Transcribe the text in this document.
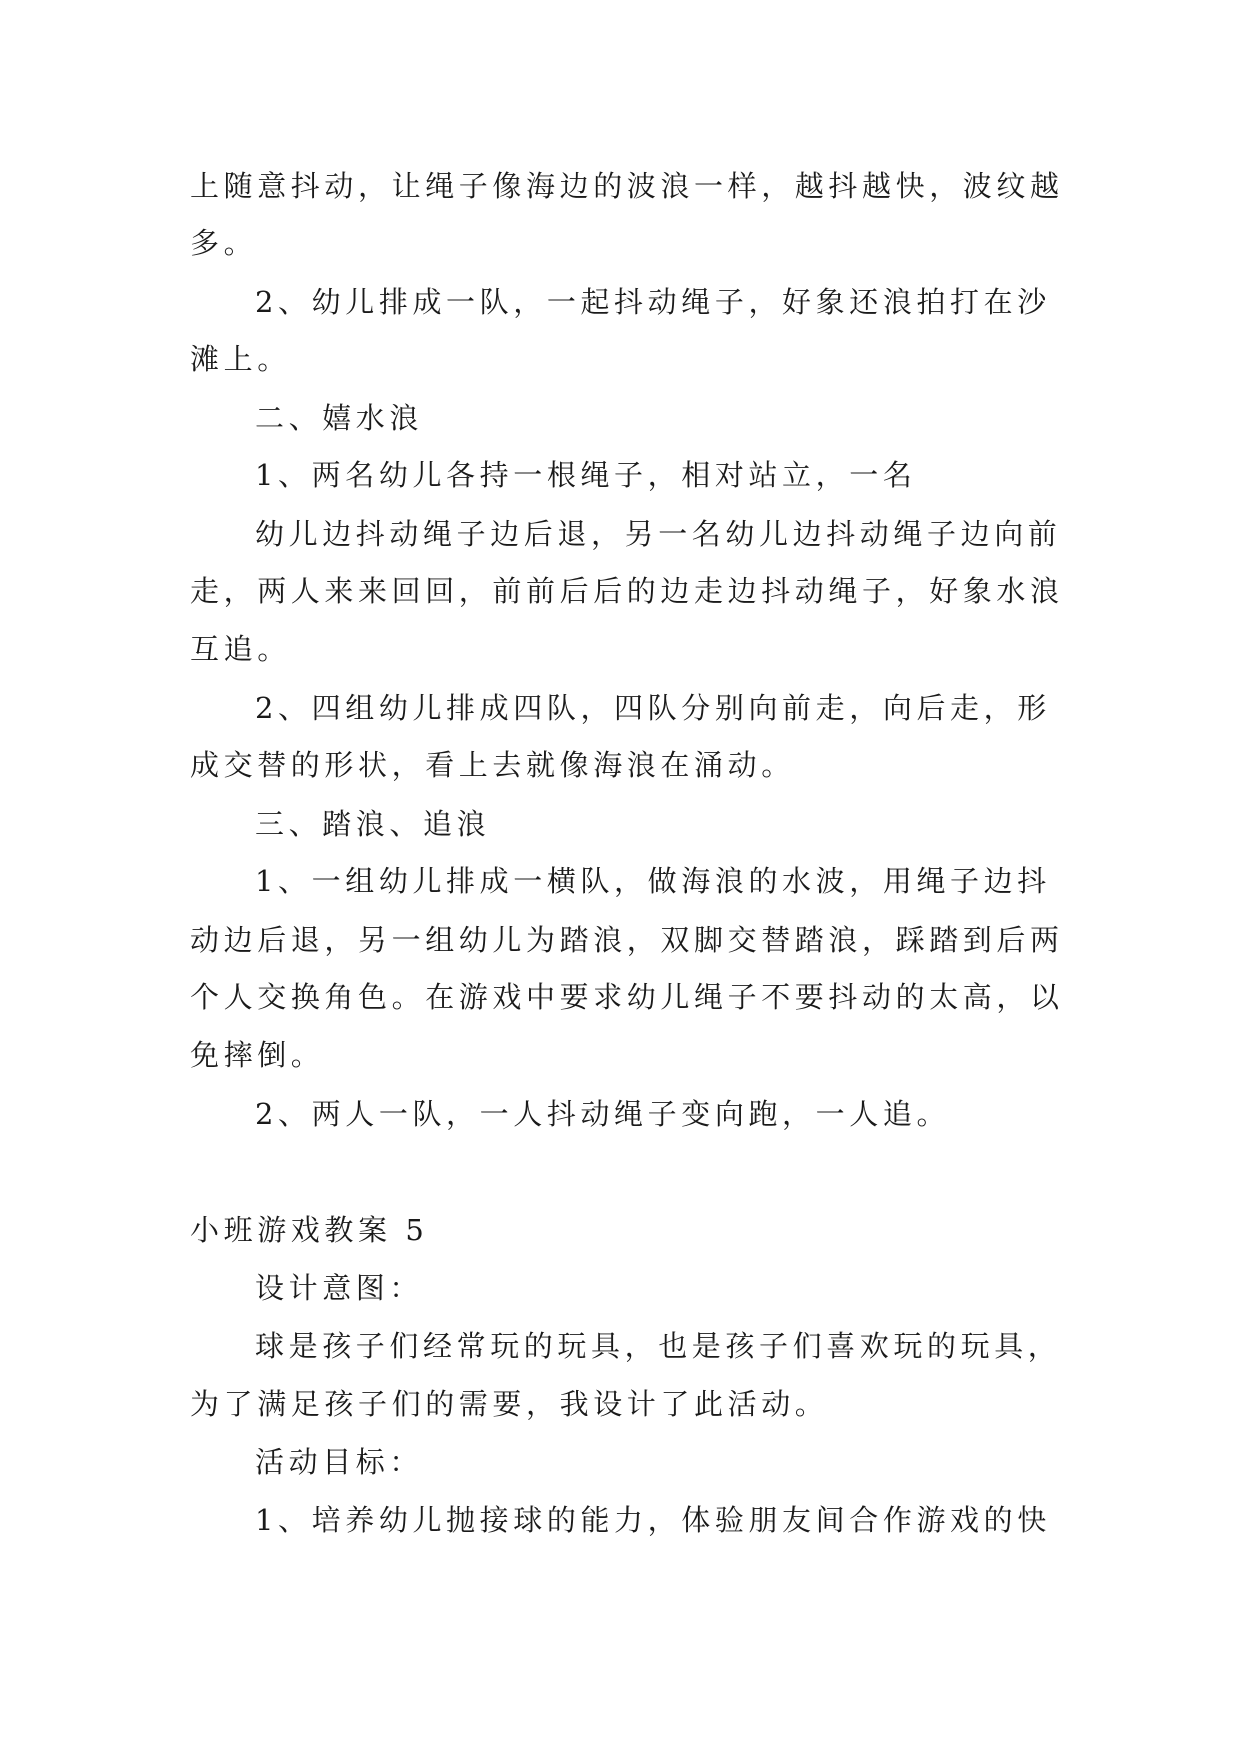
上随意抖动，让绳子像海边的波浪一样，越抖越快，波纹越
多。
2、幼儿排成一队，一起抖动绳子，好象还浪拍打在沙
滩上。
二、嬉水浪
1、两名幼儿各持一根绳子，相对站立，一名
幼儿边抖动绳子边后退，另一名幼儿边抖动绳子边向前
走，两人来来回回，前前后后的边走边抖动绳子，好象水浪
互追。
2、四组幼儿排成四队，四队分别向前走，向后走，形
成交替的形状，看上去就像海浪在涌动。
三、踏浪、追浪
1、一组幼儿排成一横队，做海浪的水波，用绳子边抖
动边后退，另一组幼儿为踏浪，双脚交替踏浪，踩踏到后两
个人交换角色。在游戏中要求幼儿绳子不要抖动的太高，以
免摔倒。
2、两人一队，一人抖动绳子变向跑，一人追。
小班游戏教案 5
设计意图：
球是孩子们经常玩的玩具，也是孩子们喜欢玩的玩具，
为了满足孩子们的需要，我设计了此活动。
活动目标：
1、培养幼儿抛接球的能力，体验朋友间合作游戏的快
